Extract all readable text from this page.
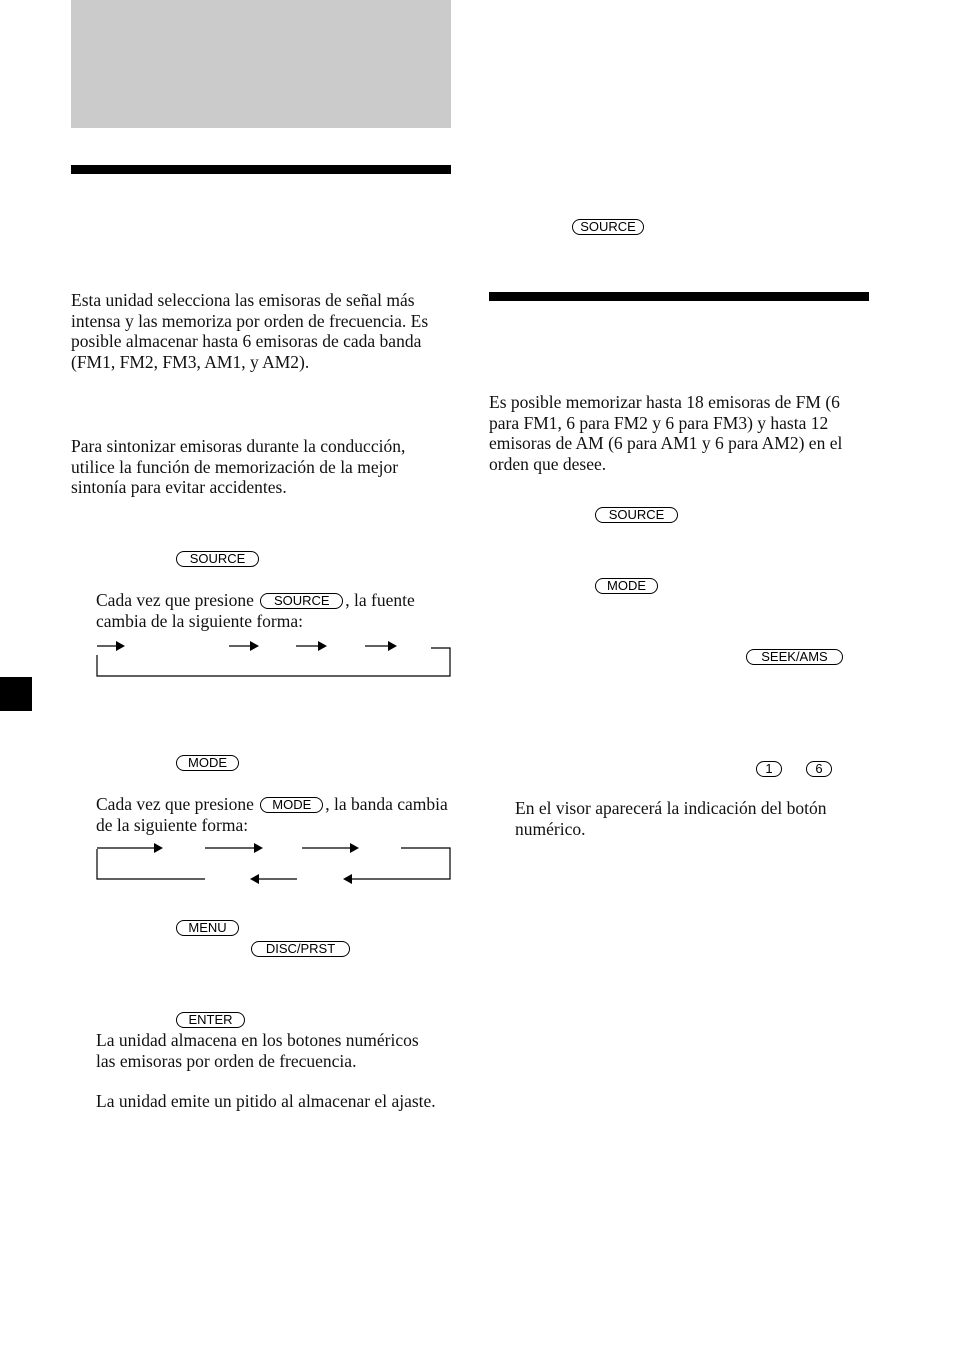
Esta unidad selecciona las emisoras de señal más intensa y las memoriza por orden de frecuencia. Es posible almacenar hasta 6 emisoras de cada banda (FM1, FM2, FM3, AM1, y AM2).

Para sintonizar emisoras durante la conducción, utilice la función de memorización de la mejor sintonía para evitar accidentes.

SOURCE

Cada vez que presione SOURCE , la fuente cambia de la siguiente forma:

MODE

Cada vez que presione MODE , la banda cambia de la siguiente forma:

MENU
DISC/PRST
ENTER

La unidad almacena en los botones numéricos las emisoras por orden de frecuencia.

La unidad emite un pitido al almacenar el ajaste.

SOURCE

Es posible memorizar hasta 18 emisoras de FM (6 para FM1, 6 para FM2 y 6 para FM3) y hasta 12 emisoras de AM (6 para AM1 y 6 para AM2) en el orden que desee.

SOURCE
MODE
SEEK/AMS
1	6

En el visor aparecerá la indicación del botón numérico.
